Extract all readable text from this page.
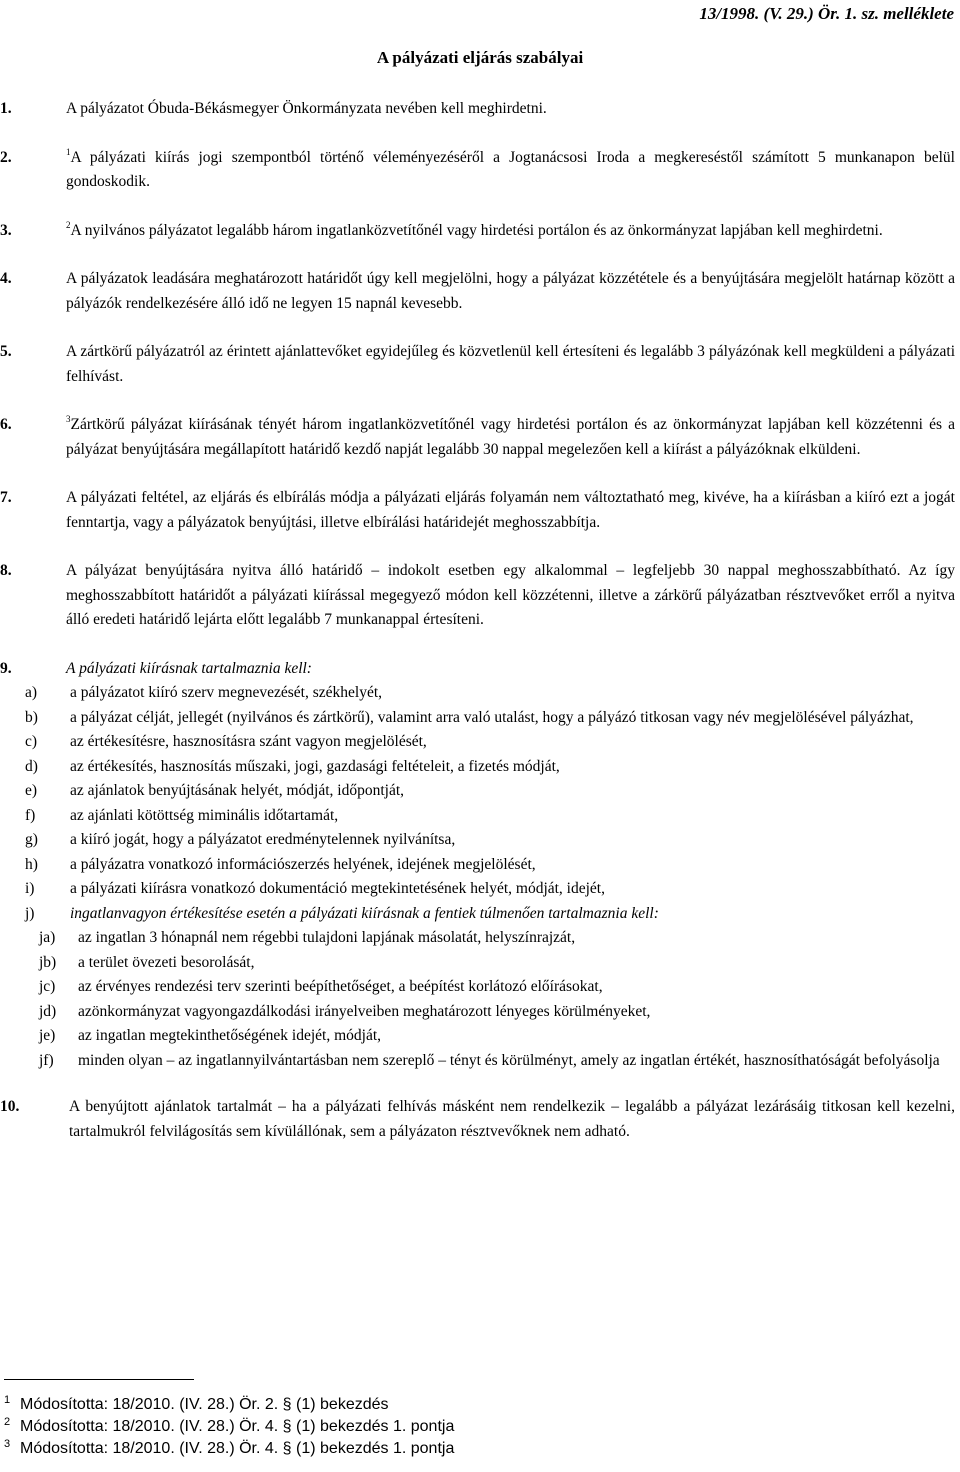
13/1998. (V. 29.) Ör. 1. sz. melléklete
A pályázati eljárás szabályai
1.	A pályázatot Óbuda-Békásmegyer Önkormányzata nevében kell meghirdetni.
2.	$^1$A pályázati kiírás jogi szempontból történő véleményezéséről a Jogtanácsosi Iroda a megkereséstől számított 5 munkanapon belül gondoskodik.
3.	$^2$A nyilvános pályázatot legalább három ingatlanközvetítőnél vagy hirdetési portálon és az önkormányzat lapjában kell meghirdetni.
4.	A pályázatok leadására meghatározott határidőt úgy kell megjelölni, hogy a pályázat közzététele és a benyújtására megjelölt határnap között a pályázók rendelkezésére álló idő ne legyen 15 napnál kevesebb.
5.	A zártkörű pályázatról az érintett ajánlattevőket egyidejűleg és közvetlenül kell értesíteni és legalább 3 pályázónak kell megküldeni a pályázati felhívást.
6.	$^3$Zártkörű pályázat kiírásának tényét három ingatlanközvetítőnél vagy hirdetési portálon és az önkormányzat lapjában kell közzétenni és a pályázat benyújtására megállapított határidő kezdő napját legalább 30 nappal megelezően kell a kiírást a pályázóknak elküldeni.
7.	A pályázati feltétel, az eljárás és elbírálás módja a pályázati eljárás folyamán nem változtatható meg, kivéve, ha a kiírásban a kiíró ezt a jogát fenntartja, vagy a pályázatok benyújtási, illetve elbírálási határidejét meghosszabbítja.
8.	A pályázat benyújtására nyitva álló határidő – indokolt esetben egy alkalommal – legfeljebb 30 nappal meghosszabbítható. Az így meghosszabbított határidőt a pályázati kiírással megegyező módon kell közzétenni, illetve a zárkörű pályázatban résztvevőket erről a nyitva álló eredeti határidő lejárta előtt legalább 7 munkanappal értesíteni.
9.	A pályázati kiírásnak tartalmaznia kell:
a)	a pályázatot kiíró szerv megnevezését, székhelyét,
b)	a pályázat célját, jellegét (nyilvános és zártkörű), valamint arra való utalást, hogy a pályázó titkosan vagy név megjelölésével pályázhat,
c)	az értékesítésre, hasznosításra szánt vagyon megjelölését,
d)	az értékesítés, hasznosítás műszaki, jogi, gazdasági feltételeit, a fizetés módját,
e)	az ajánlatok benyújtásának helyét, módját, időpontját,
f)	az ajánlati kötöttség miminális időtartamát,
g)	a kiíró jogát, hogy a pályázatot eredménytelennek nyilvánítsa,
h)	a pályázatra vonatkozó információszerzés helyének, idejének megjelölését,
i)	a pályázati kiírásra vonatkozó dokumentáció megtekintetésének helyét, módját, idejét,
j)	ingatlanvagyon értékesítése esetén a pályázati kiírásnak a fentiek túlmenően tartalmaznia kell:
ja)	az ingatlan 3 hónapnál nem régebbi tulajdoni lapjának másolatát, helyszínrajzát,
jb)	a terület övezeti besorolását,
jc)	az érvényes rendezési terv szerinti beépíthetőséget, a beépítést korlátozó előírásokat,
jd)	azönkormányzat vagyongazdálkodási irányelveiben meghatározott lényeges körülményeket,
je)	az ingatlan megtekinthetőségének idejét, módját,
jf)	minden olyan – az ingatlannyilvántartásban nem szereplő – tényt és körülményt, amely az ingatlan értékét, hasznosíthatóságát befolyásolja
10.	A benyújtott ajánlatok tartalmát – ha a pályázati felhívás másként nem rendelkezik – legalább a pályázat lezárásáig titkosan kell kezelni, tartalmukról felvilágosítás sem kívülállónak, sem a pályázaton résztvevőknek nem adható.
1 Módosította: 18/2010. (IV. 28.) Ör. 2. § (1) bekezdés
2 Módosította: 18/2010. (IV. 28.) Ör. 4. § (1) bekezdés 1. pontja
3 Módosította: 18/2010. (IV. 28.) Ör. 4. § (1) bekezdés 1. pontja
